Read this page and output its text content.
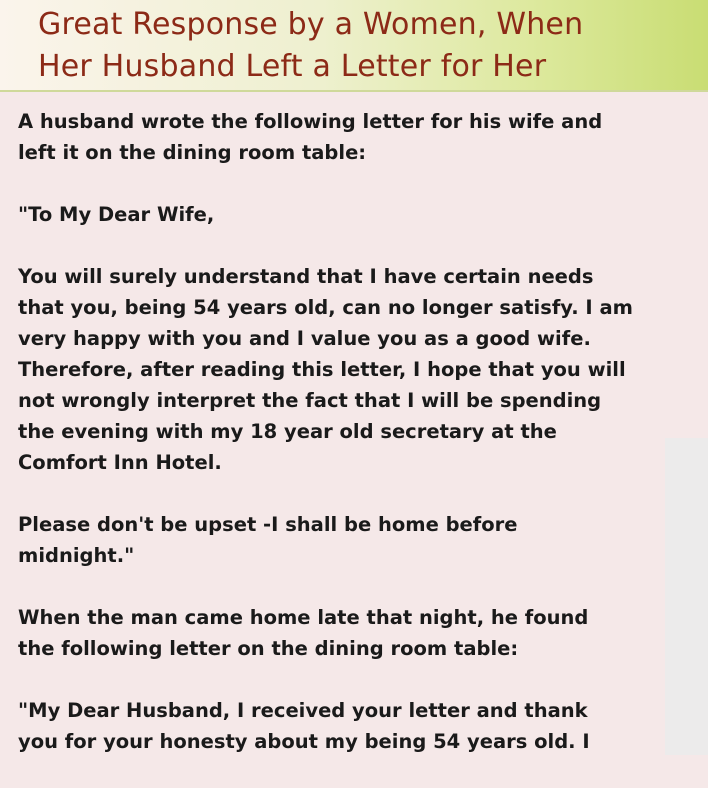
Great Response by a Women, When
Her Husband Left a Letter for Her

A husband wrote the following letter for his wife and
left it on the dining room table:

"To My Dear Wife,

You will surely understand that I have certain needs
that you, being 54 years old, can no longer satisfy. I am
very happy with you and I value you as a good wife.
Therefore, after reading this letter, I hope that you will
not wrongly interpret the fact that I will be spending
the evening with my 18 year old secretary at the
Comfort Inn Hotel.

Please don't be upset -I shall be home before
midnight."

When the man came home late that night, he found
the following letter on the dining room table:

"My Dear Husband, I received your letter and thank
you for your honesty about my being 54 years old. I
